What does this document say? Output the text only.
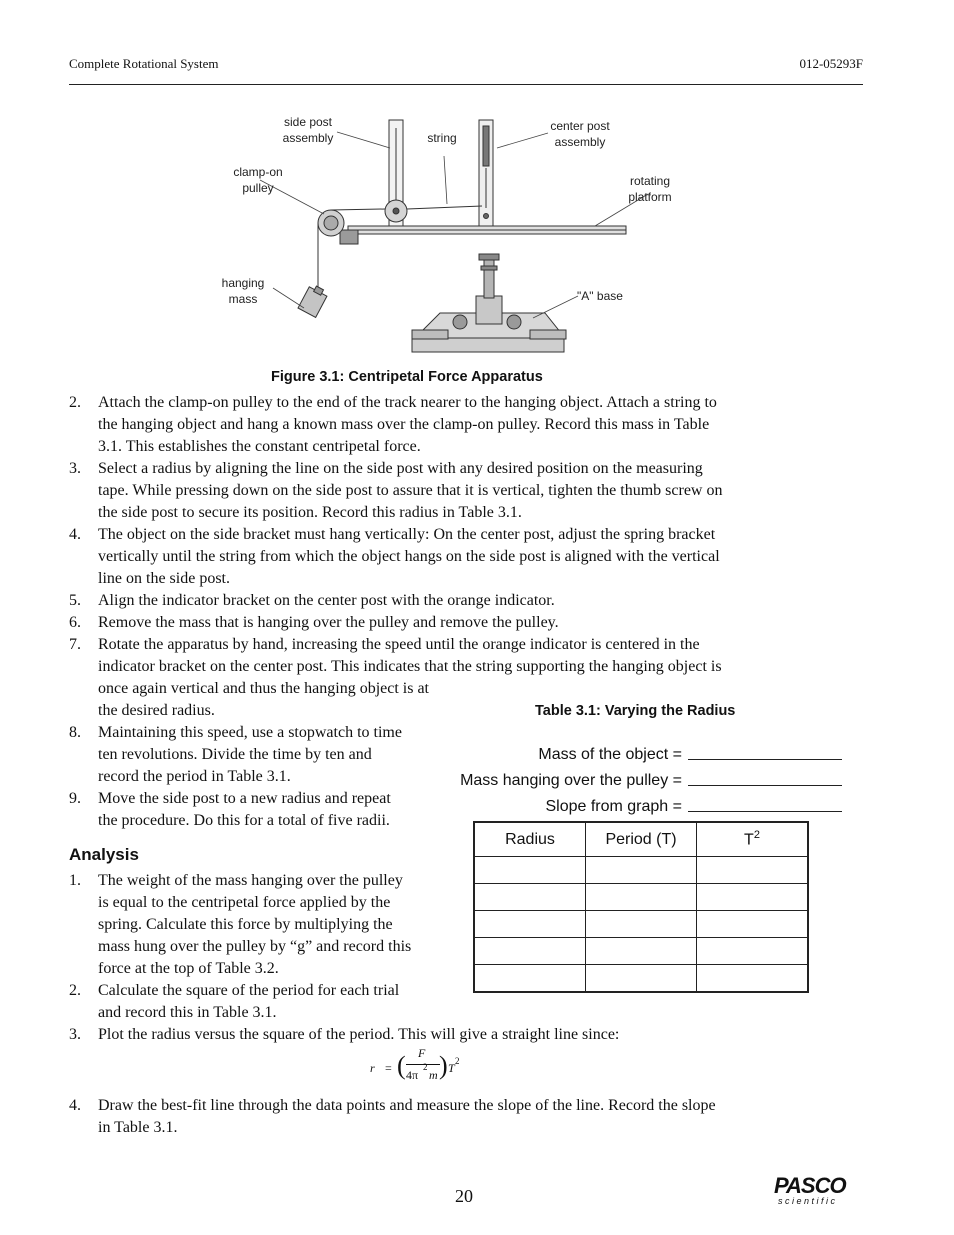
Complete Rotational System	012-05293F
side post
assembly	string
center post
assembly
clamp-on
pulley	rotating
platform
hanging
mass	"A" base
Figure 3.1: Centripetal Force Apparatus
2. Attach the clamp-on pulley to the end of the track nearer to the hanging object. Attach a string to
the hanging object and hang a known mass over the clamp-on pulley. Record this mass in Table
3.1. This establishes the constant centripetal force.
3. Select a radius by aligning the line on the side post with any desired position on the measuring
tape. While pressing down on the side post to assure that it is vertical, tighten the thumb screw on
the side post to secure its position. Record this radius in Table 3.1.
4. The object on the side bracket must hang vertically: On the center post, adjust the spring bracket
vertically until the string from which the object hangs on the side post is aligned with the vertical
line on the side post.
5. Align the indicator bracket on the center post with the orange indicator.
6. Remove the mass that is hanging over the pulley and remove the pulley.
7. Rotate the apparatus by hand, increasing the speed until the orange indicator is centered in the
indicator bracket on the center post. This indicates that the string supporting the hanging object is
once again vertical and thus the hanging object is at
the desired radius.
8. Maintaining this speed, use a stopwatch to time
ten revolutions. Divide the time by ten and
record the period in Table 3.1.
9. Move the side post to a new radius and repeat
the procedure. Do this for a total of five radii.
Analysis
1. The weight of the mass hanging over the pulley
is equal to the centripetal force applied by the
spring. Calculate this force by multiplying the
mass hung over the pulley by “g” and record this
force at the top of Table 3.2.
2. Calculate the square of the period for each trial
and record this in Table 3.1.
3. Plot the radius versus the square of the period. This will give a straight line since:
r = ( F
4π
2
m ) T 2
4. Draw the best-fit line through the data points and measure the slope of the line. Record the slope
in Table 3.1.
Table 3.1: Varying the Radius
Mass of the object =
Mass hanging over the pulley =
Slope from graph =
Radius	Period (T)	$T^2$

20	PASCO
scientific
